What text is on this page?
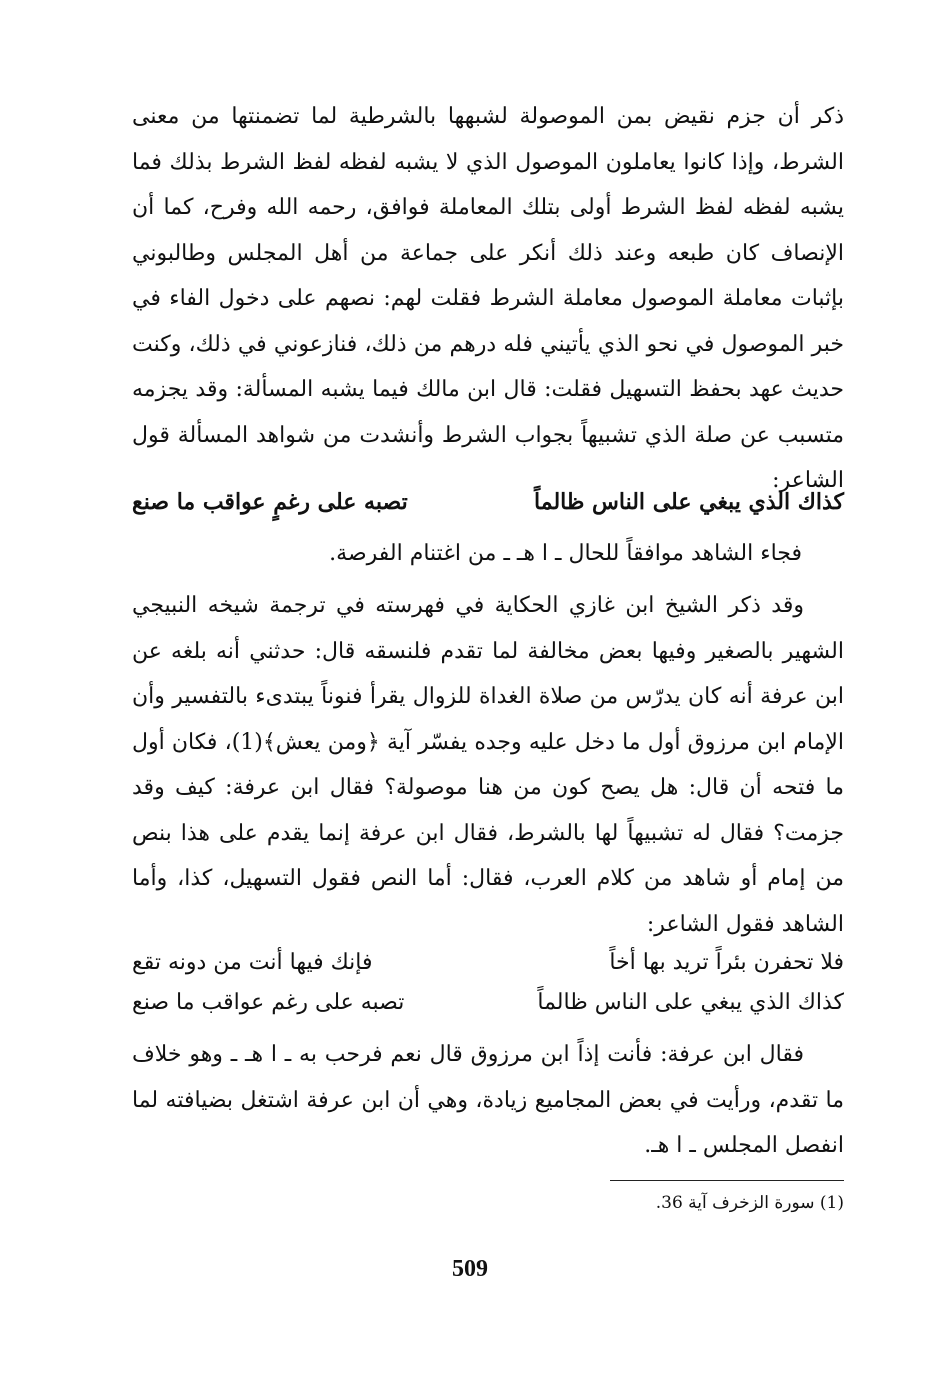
ذكر أن جزم نقيض بمن الموصولة لشبهها بالشرطية لما تضمنتها من معنى الشرط، وإذا كانوا يعاملون الموصول الذي لا يشبه لفظه لفظ الشرط بذلك فما يشبه لفظه لفظ الشرط أولى بتلك المعاملة فوافق، رحمه الله وفرح، كما أن الإنصاف كان طبعه وعند ذلك أنكر على جماعة من أهل المجلس وطالبوني بإثبات معاملة الموصول معاملة الشرط فقلت لهم: نصهم على دخول الفاء في خبر الموصول في نحو الذي يأتيني فله درهم من ذلك، فنازعوني في ذلك، وكنت حديث عهد بحفظ التسهيل فقلت: قال ابن مالك فيما يشبه المسألة: وقد يجزمه متسبب عن صلة الذي تشبيهاً بجواب الشرط وأنشدت من شواهد المسألة قول الشاعر:

كذاك الذي يبغي على الناس ظالماً
تصبه على رغمٍ عواقب ما صنع

فجاء الشاهد موافقاً للحال ـ ا هـ ـ من اغتنام الفرصة.

وقد ذكر الشيخ ابن غازي الحكاية في فهرسته في ترجمة شيخه النبيجي الشهير بالصغير وفيها بعض مخالفة لما تقدم فلنسقه قال: حدثني أنه بلغه عن ابن عرفة أنه كان يدرّس من صلاة الغداة للزوال يقرأ فنوناً يبتدىء بالتفسير وأن الإمام ابن مرزوق أول ما دخل عليه وجده يفسّر آية ﴿ومن يعش﴾(1)، فكان أول ما فتحه أن قال: هل يصح كون من هنا موصولة؟ فقال ابن عرفة: كيف وقد جزمت؟ فقال له تشبيهاً لها بالشرط، فقال ابن عرفة إنما يقدم على هذا بنص من إمام أو شاهد من كلام العرب، فقال: أما النص فقول التسهيل، كذا، وأما الشاهد فقول الشاعر:

فلا تحفرن بئراً تريد بها أخاً
فإنك فيها أنت من دونه تقع
كذاك الذي يبغي على الناس ظالماً
تصبه على رغم عواقب ما صنع

فقال ابن عرفة: فأنت إذاً ابن مرزوق قال نعم فرحب به ـ ا هـ ـ وهو خلاف ما تقدم، ورأيت في بعض المجاميع زيادة، وهي أن ابن عرفة اشتغل بضيافته لما انفصل المجلس ـ ا هـ.

(1) سورة الزخرف آية 36.

509
